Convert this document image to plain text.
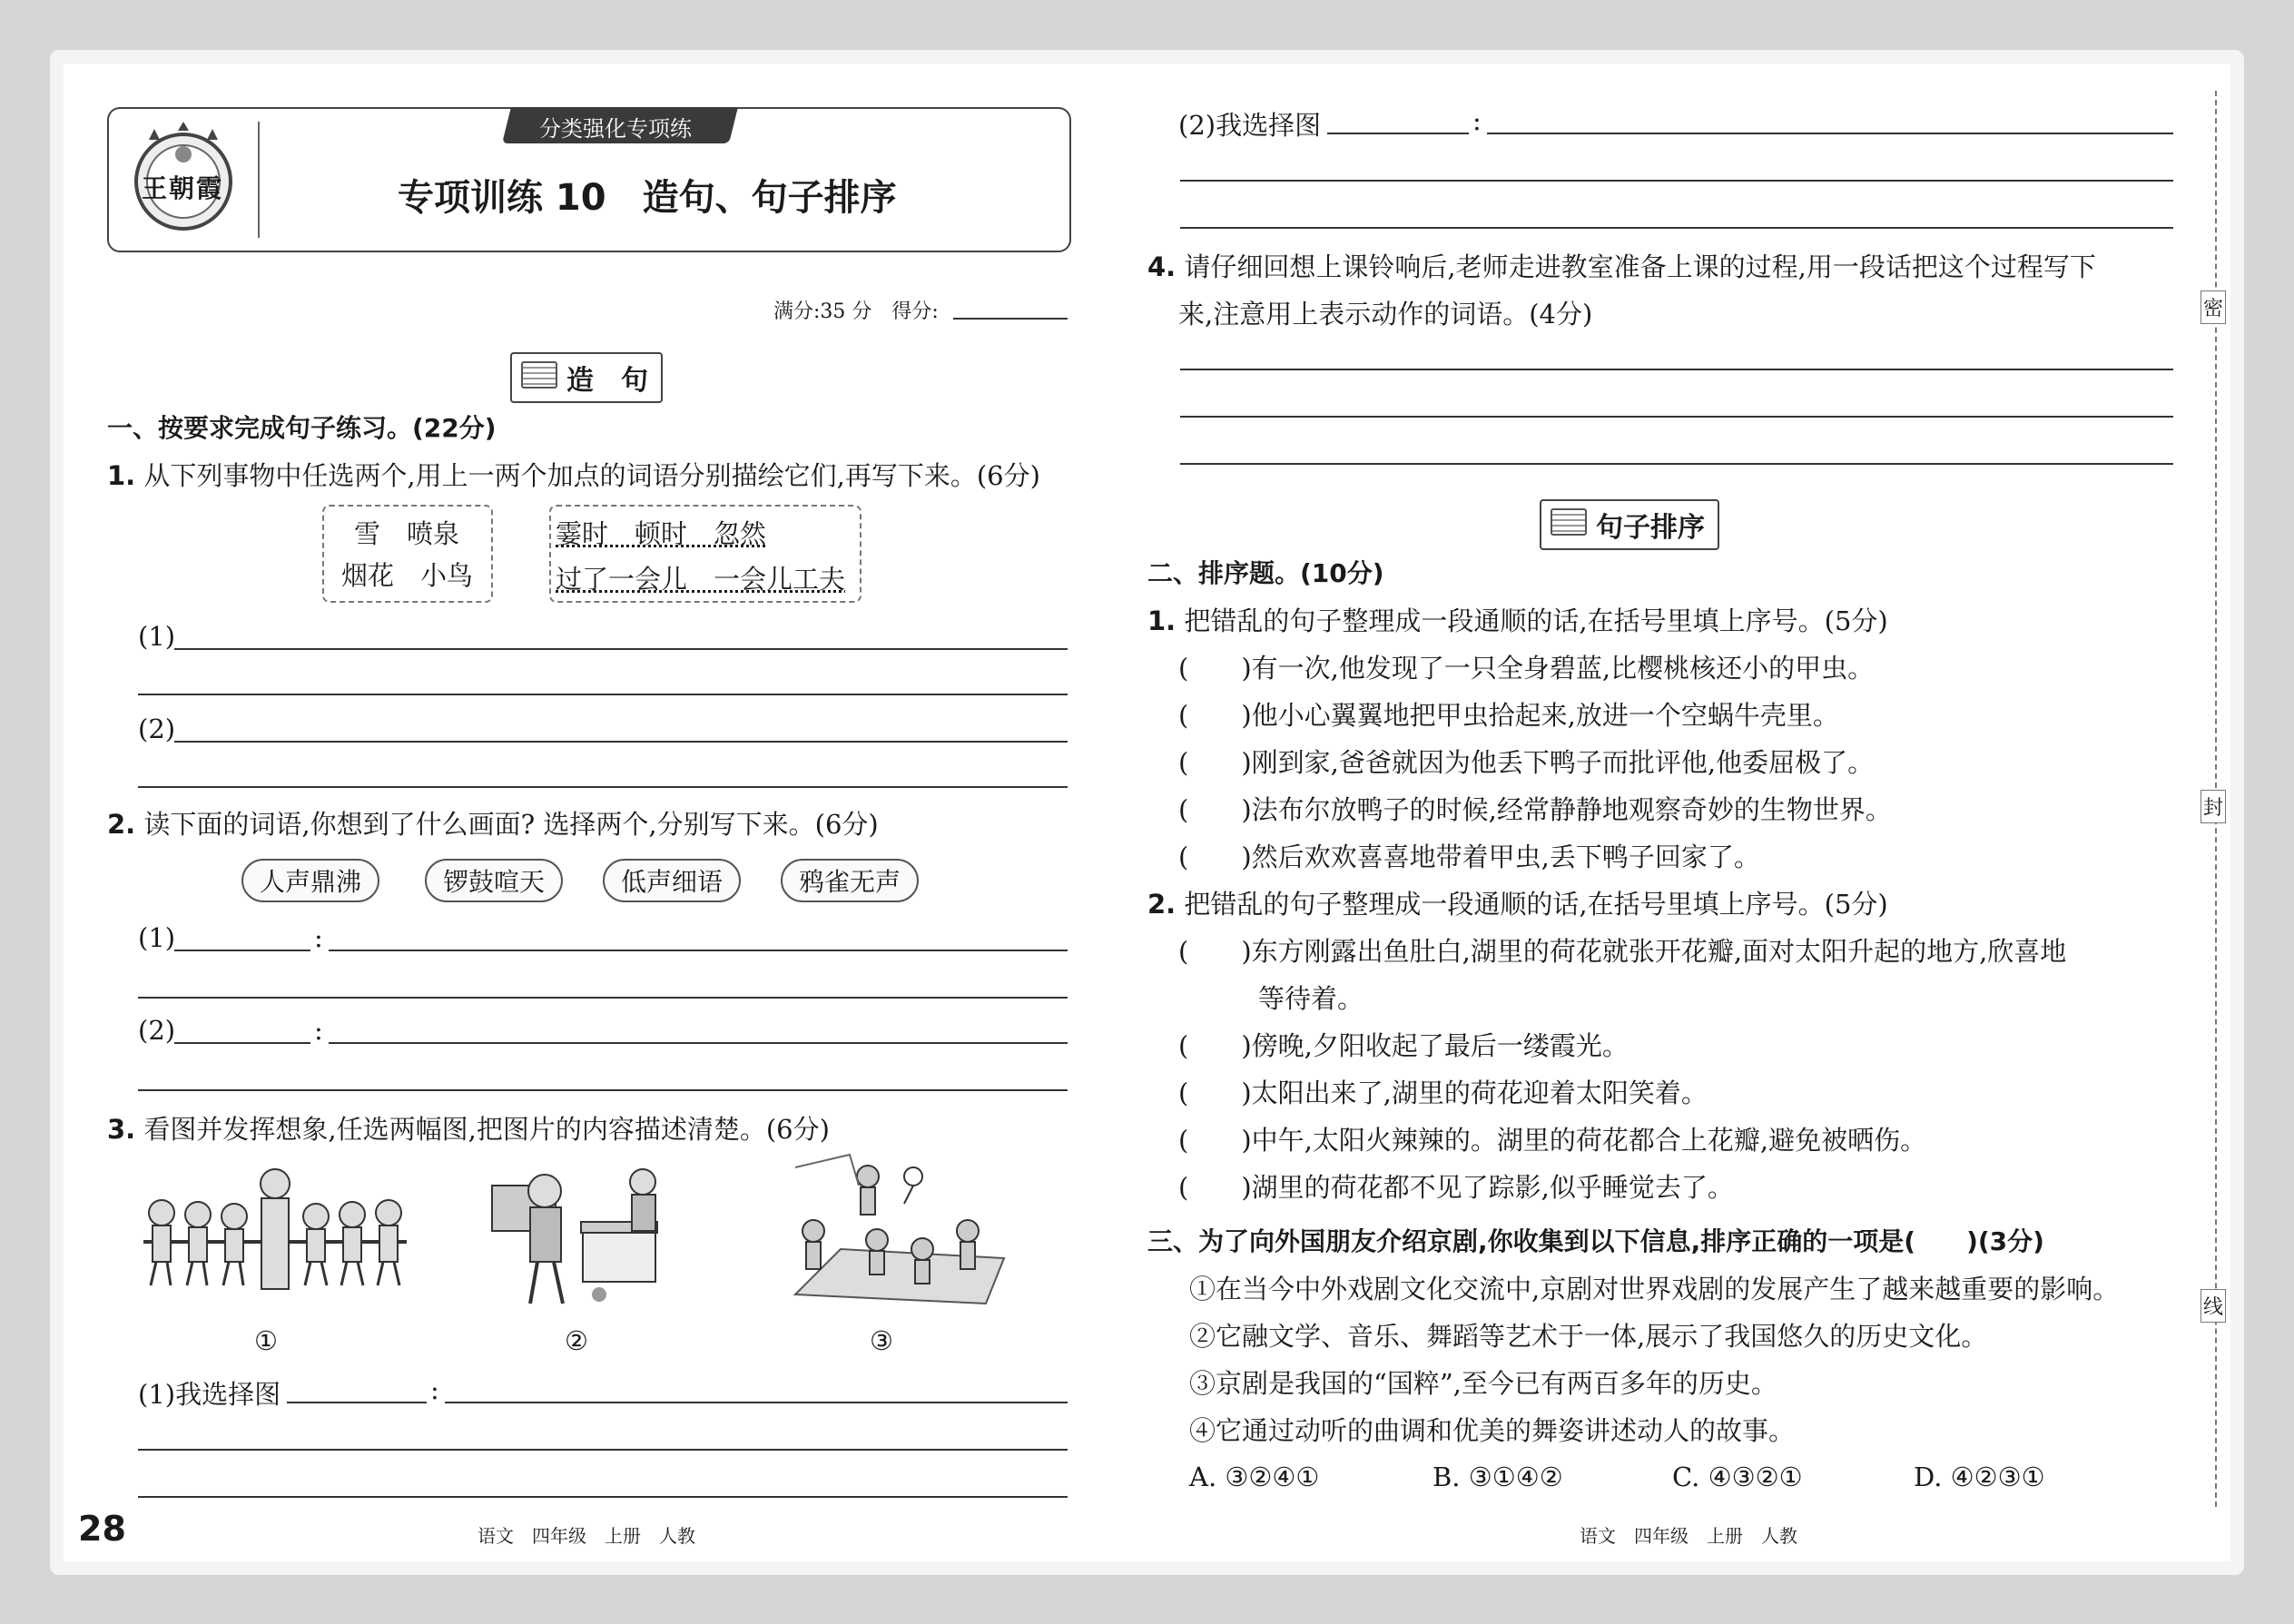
王朝霞
分类强化专项练
专项训练 10　造句、句子排序
满分:35 分　得分:
造　句
一、按要求完成句子练习。(22分)
1. 从下列事物中任选两个,用上一两个加点的词语分别描绘它们,再写下来。(6分)
雪　喷泉
烟花　小鸟
霎时　顿时　忽然
过了一会儿　一会儿工夫
(1)
(2)
2. 读下面的词语,你想到了什么画面? 选择两个,分别写下来。(6分)
人声鼎沸	锣鼓喧天	低声细语	鸦雀无声
(1)	:
(2)	:
3. 看图并发挥想象,任选两幅图,把图片的内容描述清楚。(6分)
①	②	③
(1)我选择图	:
28	语文　四年级　上册　人教
(2)我选择图	:
4. 请仔细回想上课铃响后,老师走进教室准备上课的过程,用一段话把这个过程写下
来,注意用上表示动作的词语。(4分)
句子排序
二、排序题。(10分)
1. 把错乱的句子整理成一段通顺的话,在括号里填上序号。(5分)
(　　)有一次,他发现了一只全身碧蓝,比樱桃核还小的甲虫。
(　　)他小心翼翼地把甲虫拾起来,放进一个空蜗牛壳里。
(　　)刚到家,爸爸就因为他丢下鸭子而批评他,他委屈极了。
(　　)法布尔放鸭子的时候,经常静静地观察奇妙的生物世界。
(　　)然后欢欢喜喜地带着甲虫,丢下鸭子回家了。
2. 把错乱的句子整理成一段通顺的话,在括号里填上序号。(5分)
(　　)东方刚露出鱼肚白,湖里的荷花就张开花瓣,面对太阳升起的地方,欣喜地
等待着。
(　　)傍晚,夕阳收起了最后一缕霞光。
(　　)太阳出来了,湖里的荷花迎着太阳笑着。
(　　)中午,太阳火辣辣的。湖里的荷花都合上花瓣,避免被晒伤。
(　　)湖里的荷花都不见了踪影,似乎睡觉去了。
三、为了向外国朋友介绍京剧,你收集到以下信息,排序正确的一项是(　　)(3分)
①在当今中外戏剧文化交流中,京剧对世界戏剧的发展产生了越来越重要的影响。
②它融文学、音乐、舞蹈等艺术于一体,展示了我国悠久的历史文化。
③京剧是我国的“国粹”,至今已有两百多年的历史。
④它通过动听的曲调和优美的舞姿讲述动人的故事。
A. ③②④①	B. ③①④②	C. ④③②①	D. ④②③①
语文　四年级　上册　人教
密
封
线
